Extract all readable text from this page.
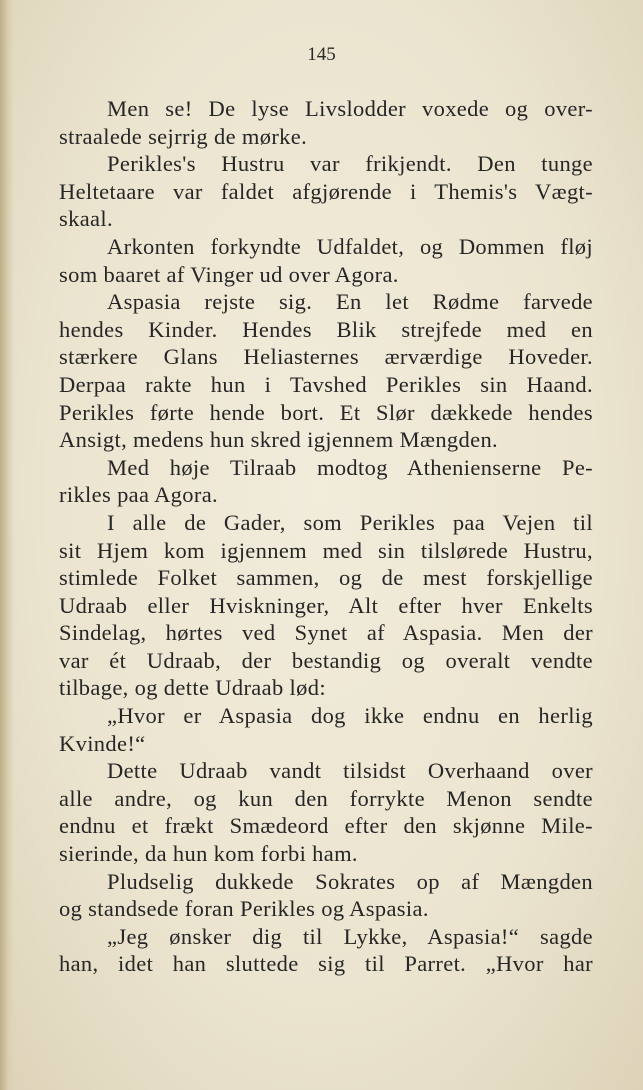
145
Men se! De lyse Livslodder voxede og over-
straalede sejrrig de mørke.
Perikles's Hustru var frikjendt. Den tunge
Heltetaare var faldet afgjørende i Themis's Vægt-
skaal.
Arkonten forkyndte Udfaldet, og Dommen fløj
som baaret af Vinger ud over Agora.
Aspasia rejste sig. En let Rødme farvede
hendes Kinder. Hendes Blik strejfede med en
stærkere Glans Heliasternes ærværdige Hoveder.
Derpaa rakte hun i Tavshed Perikles sin Haand.
Perikles førte hende bort. Et Slør dækkede hendes
Ansigt, medens hun skred igjennem Mængden.
Med høje Tilraab modtog Athenienserne Pe-
rikles paa Agora.
I alle de Gader, som Perikles paa Vejen til
sit Hjem kom igjennem med sin tilslørede Hustru,
stimlede Folket sammen, og de mest forskjellige
Udraab eller Hviskninger, Alt efter hver Enkelts
Sindelag, hørtes ved Synet af Aspasia. Men der
var ét Udraab, der bestandig og overalt vendte
tilbage, og dette Udraab lød:
„Hvor er Aspasia dog ikke endnu en herlig
Kvinde!“
Dette Udraab vandt tilsidst Overhaand over
alle andre, og kun den forrykte Menon sendte
endnu et frækt Smædeord efter den skjønne Mile-
sierinde, da hun kom forbi ham.
Pludselig dukkede Sokrates op af Mængden
og standsede foran Perikles og Aspasia.
„Jeg ønsker dig til Lykke, Aspasia!“ sagde
han, idet han sluttede sig til Parret. „Hvor har
